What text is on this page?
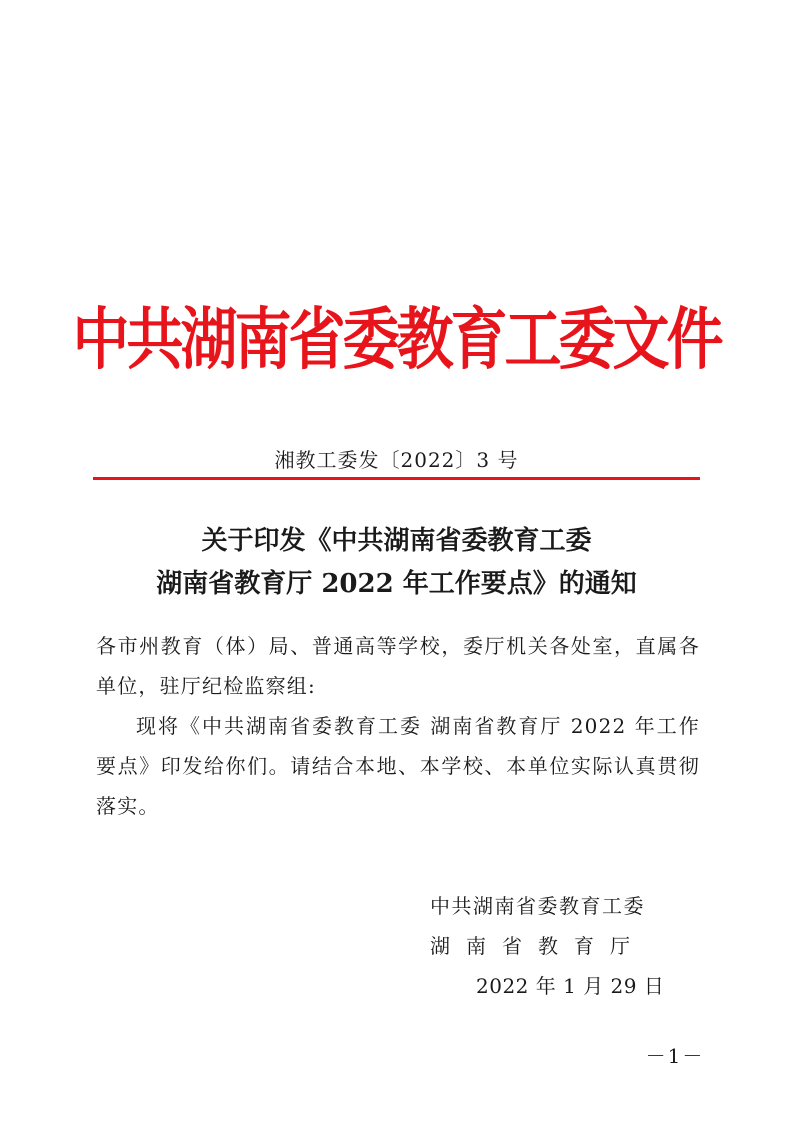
中共湖南省委教育工委文件
湘教工委发〔2022〕3 号
关于印发《中共湖南省委教育工委
湖南省教育厅 2022 年工作要点》的通知

各市州教育（体）局、普通高等学校，委厅机关各处室，直属各单位，驻厅纪检监察组:

现将《中共湖南省委教育工委 湖南省教育厅 2022 年工作要点》印发给你们。请结合本地、本学校、本单位实际认真贯彻落实。

中共湖南省委教育工委
湖南省教育厅
2022 年 1 月 29 日
－1－
